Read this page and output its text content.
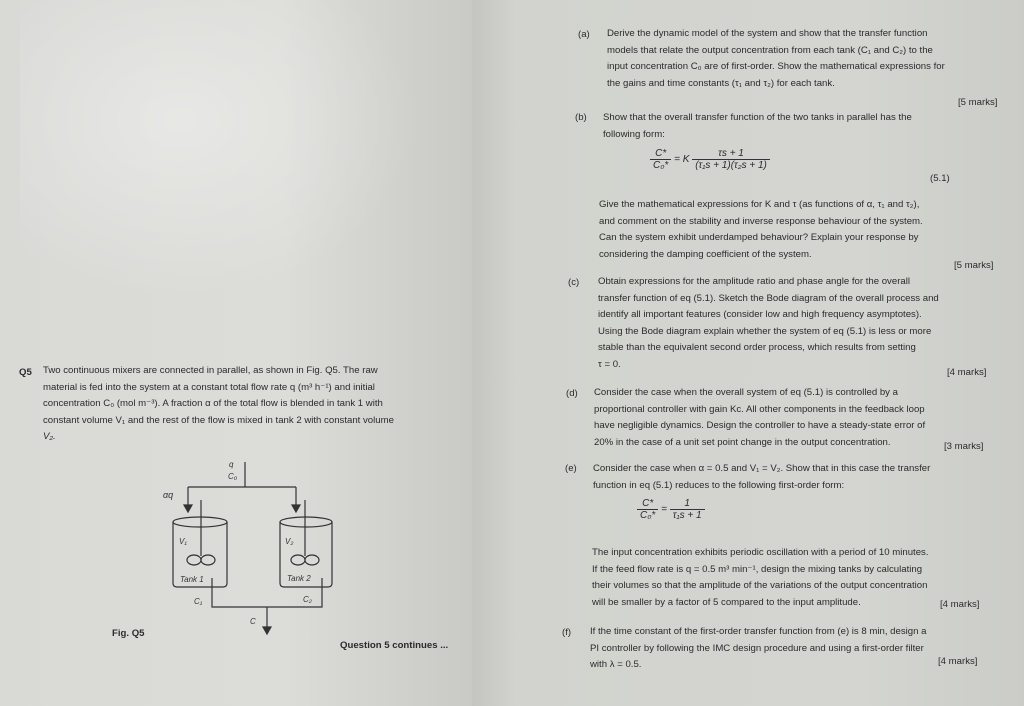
Q5 Two continuous mixers are connected in parallel, as shown in Fig. Q5. The raw
material is fed into the system at a constant total flow rate q (m³ h⁻¹) and initial
concentration C₀ (mol m⁻³). A fraction α of the total flow is blended in tank 1 with
constant volume V₁ and the rest of the flow is mixed in tank 2 with constant volume
V₂.
q
C₀
αq
V₁	V₂
Tank 1	Tank 2
C₁	C₂
C
Fig. Q5
Question 5 continues ...
(a) Derive the dynamic model of the system and show that the transfer function
models that relate the output concentration from each tank (C₁ and C₂) to the
input concentration C₀ are of first-order. Show the mathematical expressions for
the gains and time constants (τ₁ and τ₂) for each tank.
[5 marks]
(b) Show that the overall transfer function of the two tanks in parallel has the
following form:
$\frac{C*}{\text{C₀*}} = K \frac{\tau s + 1}{\text{(τ₁s + 1)(τ₂s + 1)}}$
(5.1)
Give the mathematical expressions for K and τ (as functions of α, τ₁ and τ₂),
and comment on the stability and inverse response behaviour of the system.
Can the system exhibit underdamped behaviour? Explain your response by
considering the damping coefficient of the system.
[5 marks]
(c) Obtain expressions for the amplitude ratio and phase angle for the overall
transfer function of eq (5.1). Sketch the Bode diagram of the overall process and
identify all important features (consider low and high frequency asymptotes).
Using the Bode diagram explain whether the system of eq (5.1) is less or more
stable than the equivalent second order process, which results from setting
τ = 0.
[4 marks]
(d) Consider the case when the overall system of eq (5.1) is controlled by a
proportional controller with gain Kc. All other components in the feedback loop
have negligible dynamics. Design the controller to have a steady-state error of
20% in the case of a unit set point change in the output concentration.	[3 marks]
(e) Consider the case when α = 0.5 and V₁ = V₂. Show that in this case the transfer
function in eq (5.1) reduces to the following first-order form:
$\frac{C*}{\text{C₀*}} = \frac{1}{\text{τ₁s + 1}}$
The input concentration exhibits periodic oscillation with a period of 10 minutes.
If the feed flow rate is q = 0.5 m³ min⁻¹, design the mixing tanks by calculating
their volumes so that the amplitude of the variations of the output concentration
will be smaller by a factor of 5 compared to the input amplitude.	[4 marks]
(f) If the time constant of the first-order transfer function from (e) is 8 min, design a
PI controller by following the IMC design procedure and using a first-order filter
with λ = 0.5.	[4 marks]
